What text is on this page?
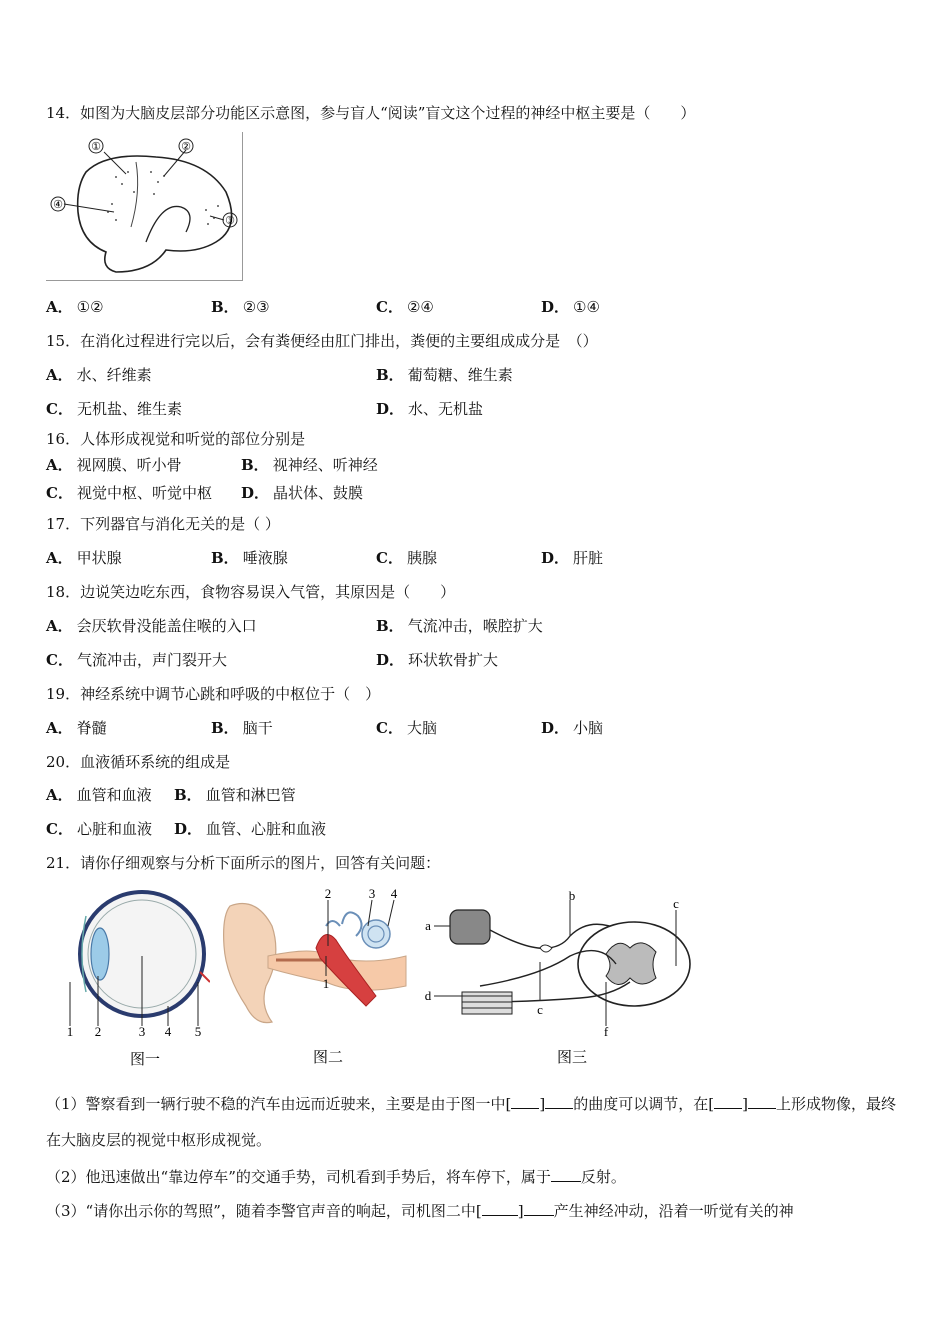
14．如图为大脑皮层部分功能区示意图，参与盲人“阅读”盲文这个过程的神经中枢主要是（　　）
①	②
③
④
A． ①②	B． ②③	C． ②④	D． ①④
15．在消化过程进行完以后，会有粪便经由肛门排出，粪便的主要组成成分是　（）
A． 水、纤维素	B． 葡萄糖、维生素
C． 无机盐、维生素	D． 水、无机盐
16．人体形成视觉和听觉的部位分别是
A． 视网膜、听小骨	B． 视神经、听神经
C． 视觉中枢、听觉中枢 D． 晶状体、鼓膜
17．下列器官与消化无关的是（ ）
A． 甲状腺	B． 唾液腺	C． 胰腺	D． 肝脏
18．边说笑边吃东西，食物容易误入气管，其原因是（　　）
A． 会厌软骨没能盖住喉的入口	B． 气流冲击，喉腔扩大
C． 气流冲击，声门裂开大	D． 环状软骨扩大
19．神经系统中调节心跳和呼吸的中枢位于（　）
A． 脊髓	B． 脑干	C． 大脑	D． 小脑
20．血液循环系统的组成是
A． 血管和血液 B． 血管和淋巴管
C． 心脏和血液 D． 血管、心脏和血液
21．请你仔细观察与分析下面所示的图片，回答有关问题：
1 2	3 4 5
图一
2	3 4
1
图二
a
b
c
d
c
f
图三
（1）警察看到一辆行驶不稳的汽车由远而近驶来，主要是由于图一中[ ] 的曲度可以调节，在[ ] 上形成物像，最终在大脑皮层的视觉中枢形成视觉。
（2）他迅速做出“靠边停车”的交通手势，司机看到手势后，将车停下，属于 反射。
（3）“请你出示你的驾照”，随着李警官声音的响起，司机图二中[ ] 产生神经冲动，沿着一听觉有关的神
